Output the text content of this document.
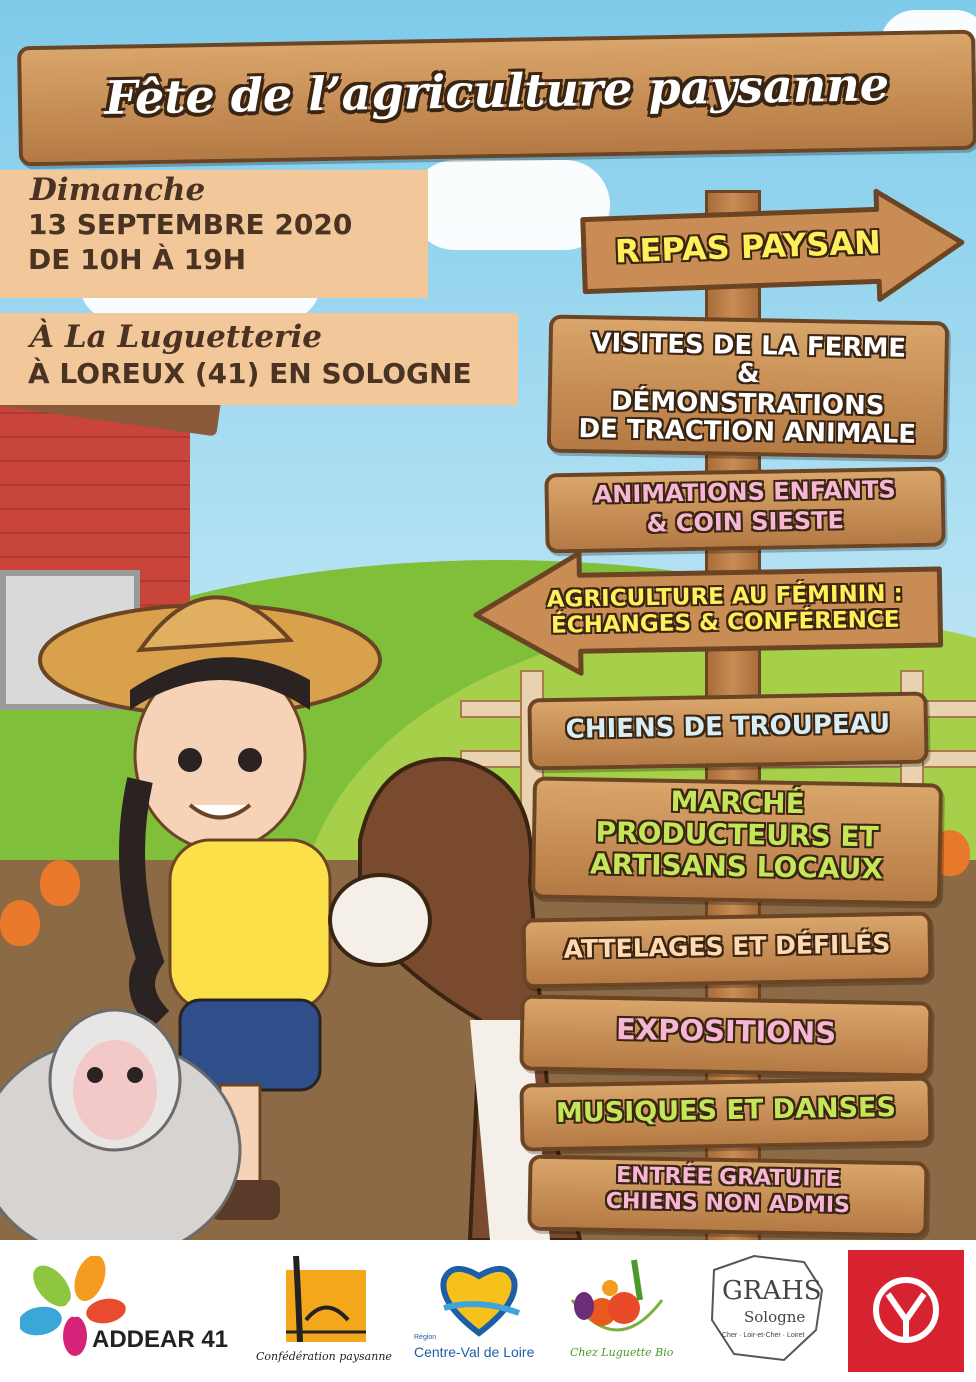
Fête de l’agriculture paysanne
Dimanche
13 SEPTEMBRE 2020
DE 10H À 19H
À La Luguetterie
À LOREUX (41) EN SOLOGNE
REPAS PAYSAN
VISITES DE LA FERME
&
DÉMONSTRATIONS
DE TRACTION ANIMALE
ANIMATIONS ENFANTS
& COIN SIESTE
AGRICULTURE AU FÉMININ :
ÉCHANGES & CONFÉRENCE
CHIENS DE TROUPEAU
MARCHÉ
PRODUCTEURS ET
ARTISANS LOCAUX
ATTELAGES ET DÉFILÉS
EXPOSITIONS
MUSIQUES ET DANSES
ENTRÉE GRATUITE
CHIENS NON ADMIS
ADDEAR 41
Confédération paysanne
Région
Centre-Val de Loire	Chez Luguette Bio
GRAHS
Sologne
Cher · Loir-et-Cher · Loiret
